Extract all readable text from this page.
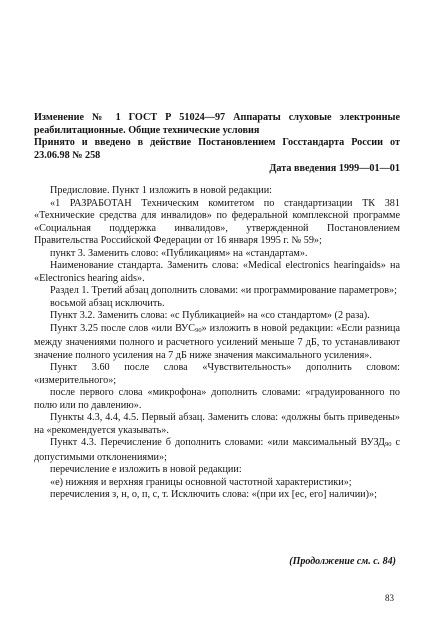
Изменение № 1 ГОСТ Р 51024—97 Аппараты слуховые электронные реабилитационные. Общие технические условия

Принято и введено в действие Постановлением Госстандарта России от 23.06.98 № 258

Дата введения 1999—01—01

Предисловие. Пункт 1 изложить в новой редакции:

«1 РАЗРАБОТАН Техническим комитетом по стандартизации ТК 381 «Технические средства для инвалидов» по федеральной комплексной программе «Социальная поддержка инвалидов», утвержденной Постановлением Правительства Российской Федерации от 16 января 1995 г. № 59»;

пункт 3. Заменить слово: «Публикациям» на «стандартам».

Наименование стандарта. Заменить слова: «Medical electronics hearingaids» на «Electronics hearing aids».

Раздел 1. Третий абзац дополнить словами: «и программирование параметров»;

восьмой абзац исключить.

Пункт 3.2. Заменить слова: «с Публикацией» на «со стандартом» (2 раза).

Пункт 3.25 после слов «или ВУС90» изложить в новой редакции: «Если разница между значениями полного и расчетного усилений меньше 7 дБ, то устанавливают значение полного усиления на 7 дБ ниже значения максимального усиления».

Пункт 3.60 после слова «Чувствительность» дополнить словом: «измерительного»;

после первого слова «микрофона» дополнить словами: «градуированного по полю или по давлению».

Пункты 4.3, 4.4, 4.5. Первый абзац. Заменить слова: «должны быть приведены» на «рекомендуется указывать».

Пункт 4.3. Перечисление б дополнить словами: «или максимальный ВУЗД90 с допустимыми отклонениями»;

перечисление е изложить в новой редакции:

«е) нижняя и верхняя границы основной частотной характеристики»;

перечисления з, н, о, п, с, т. Исключить слова: «(при их [ес, его] наличии)»;

(Продолжение см. с. 84)

83
